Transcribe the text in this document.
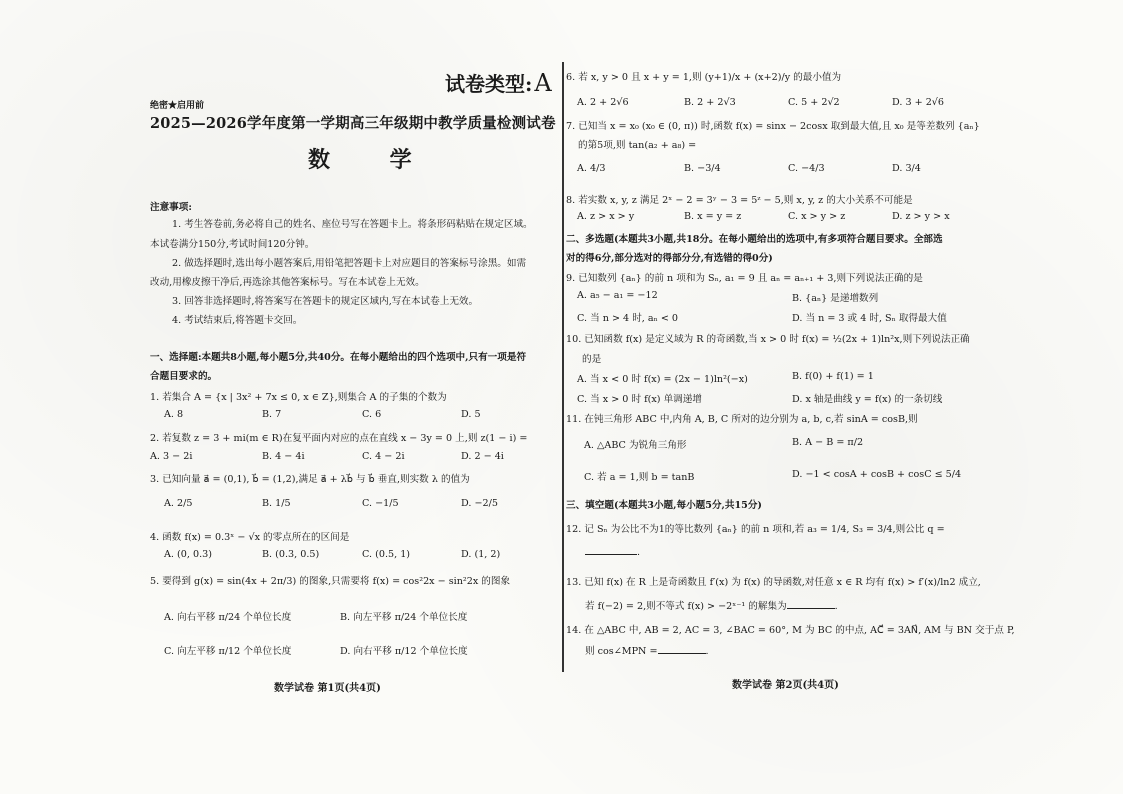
试卷类型:A
绝密★启用前
2025—2026学年度第一学期高三年级期中教学质量检测试卷
数 学
注意事项:
1. 考生答卷前,务必将自己的姓名、座位号写在答题卡上。将条形码粘贴在规定区域。
本试卷满分150分,考试时间120分钟。
2. 做选择题时,选出每小题答案后,用铅笔把答题卡上对应题目的答案标号涂黑。如需
改动,用橡皮擦干净后,再选涂其他答案标号。写在本试卷上无效。
3. 回答非选择题时,将答案写在答题卡的规定区域内,写在本试卷上无效。
4. 考试结束后,将答题卡交回。
一、选择题:本题共8小题,每小题5分,共40分。在每小题给出的四个选项中,只有一项是符
合题目要求的。
1. 若集合 A = {x | 3x² + 7x ≤ 0, x ∈ Z},则集合 A 的子集的个数为
A. 8	B. 7	C. 6	D. 5
2. 若复数 z = 3 + mi(m ∈ R)在复平面内对应的点在直线 x − 3y = 0 上,则 z(1 − i) =
A. 3 − 2i	B. 4 − 4i	C. 4 − 2i	D. 2 − 4i
3. 已知向量 a⃗ = (0,1), b⃗ = (1,2),满足 a⃗ + λb⃗ 与 b⃗ 垂直,则实数 λ 的值为
A. 2/5	B. 1/5	C. −1/5	D. −2/5
4. 函数 f(x) = 0.3ˣ − √x 的零点所在的区间是
A. (0, 0.3)	B. (0.3, 0.5)	C. (0.5, 1)	D. (1, 2)
5. 要得到 g(x) = sin(4x + 2π/3) 的图象,只需要将 f(x) = cos²2x − sin²2x 的图象
A. 向右平移 π/24 个单位长度	B. 向左平移 π/24 个单位长度
C. 向左平移 π/12 个单位长度	D. 向右平移 π/12 个单位长度
数学试卷 第1页(共4页)
6. 若 x, y > 0 且 x + y = 1,则 (y+1)/x + (x+2)/y 的最小值为
A. 2 + 2√6	B. 2 + 2√3	C. 5 + 2√2	D. 3 + 2√6
7. 已知当 x = x₀ (x₀ ∈ (0, π)) 时,函数 f(x) = sinx − 2cosx 取到最大值,且 x₀ 是等差数列 {aₙ}
的第5项,则 tan(a₂ + a₈) =
A. 4/3	B. −3/4	C. −4/3	D. 3/4
8. 若实数 x, y, z 满足 2ˣ − 2 = 3ʸ − 3 = 5ᶻ − 5,则 x, y, z 的大小关系不可能是
A. z > x > y	B. x = y = z	C. x > y > z	D. z > y > x
二、多选题(本题共3小题,共18分。在每小题给出的选项中,有多项符合题目要求。全部选
对的得6分,部分选对的得部分分,有选错的得0分)
9. 已知数列 {aₙ} 的前 n 项和为 Sₙ, a₁ = 9 且 aₙ = aₙ₊₁ + 3,则下列说法正确的是
A. a₅ − a₁ = −12	B. {aₙ} 是递增数列
C. 当 n > 4 时, aₙ < 0	D. 当 n = 3 或 4 时, Sₙ 取得最大值
10. 已知函数 f(x) 是定义域为 R 的奇函数,当 x > 0 时 f(x) = ½(2x + 1)ln²x,则下列说法正确
的是
A. 当 x < 0 时 f(x) = (2x − 1)ln²(−x)	B. f(0) + f(1) = 1
C. 当 x > 0 时 f(x) 单调递增	D. x 轴是曲线 y = f(x) 的一条切线
11. 在钝三角形 ABC 中,内角 A, B, C 所对的边分别为 a, b, c,若 sinA = cosB,则
A. △ABC 为锐角三角形	B. A − B = π/2
C. 若 a = 1,则 b = tanB	D. −1 < cosA + cosB + cosC ≤ 5/4
三、填空题(本题共3小题,每小题5分,共15分)
12. 记 Sₙ 为公比不为1的等比数列 {aₙ} 的前 n 项和,若 a₃ = 1/4, S₃ = 3/4,则公比 q =
.
13. 已知 f(x) 在 R 上是奇函数且 f′(x) 为 f(x) 的导函数,对任意 x ∈ R 均有 f(x) > f′(x)/ln2 成立,
若 f(−2) = 2,则不等式 f(x) > −2ˣ⁻¹ 的解集为	.
14. 在 △ABC 中, AB = 2, AC = 3, ∠BAC = 60°, M 为 BC 的中点, AC⃗ = 3AN⃗, AM 与 BN 交于点 P,
则 cos∠MPN =	.
数学试卷 第2页(共4页)
